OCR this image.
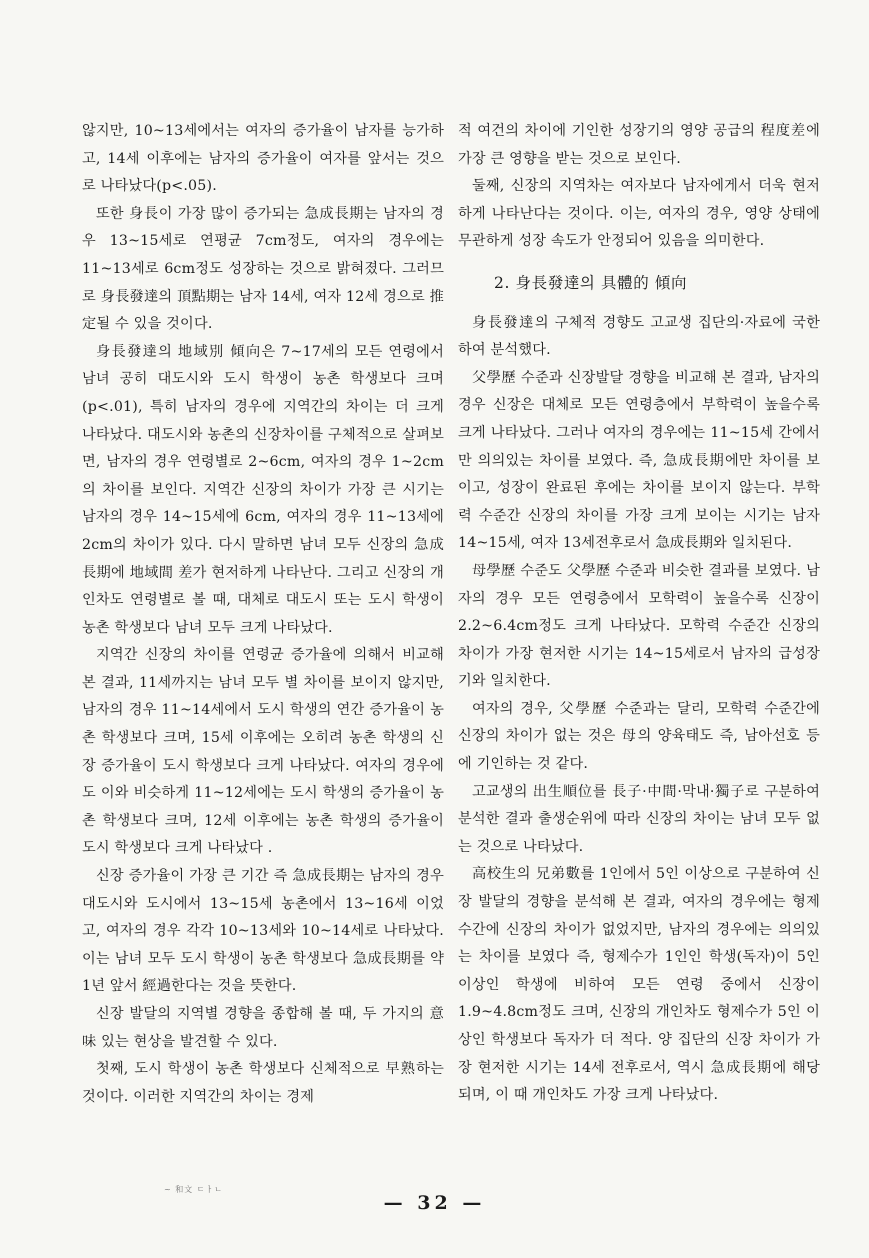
않지만, 10~13세에서는 여자의 증가율이 남자를 능가하고, 14세 이후에는 남자의 증가율이 여자를 앞서는 것으로 나타났다(p<.05).

또한 身長이 가장 많이 증가되는 急成長期는 남자의 경우 13~15세로 연평균 7cm정도, 여자의 경우에는 11~13세로 6cm정도 성장하는 것으로 밝혀졌다. 그러므로 身長發達의 頂點期는 남자 14세, 여자 12세 경으로 推定될 수 있을 것이다.

身長發達의 地域別 傾向은 7~17세의 모든 연령에서 남녀 공히 대도시와 도시 학생이 농촌 학생보다 크며(p<.01), 특히 남자의 경우에 지역간의 차이는 더 크게 나타났다. 대도시와 농촌의 신장차이를 구체적으로 살펴보면, 남자의 경우 연령별로 2~6cm, 여자의 경우 1~2cm의 차이를 보인다. 지역간 신장의 차이가 가장 큰 시기는 남자의 경우 14~15세에 6cm, 여자의 경우 11~13세에 2cm의 차이가 있다. 다시 말하면 남녀 모두 신장의 急成長期에 地域間 差가 현저하게 나타난다. 그리고 신장의 개인차도 연령별로 볼 때, 대체로 대도시 또는 도시 학생이 농촌 학생보다 남녀 모두 크게 나타났다.

지역간 신장의 차이를 연령균 증가율에 의해서 비교해 본 결과, 11세까지는 남녀 모두 별 차이를 보이지 않지만, 남자의 경우 11~14세에서 도시 학생의 연간 증가율이 농촌 학생보다 크며, 15세 이후에는 오히려 농촌 학생의 신장 증가율이 도시 학생보다 크게 나타났다. 여자의 경우에도 이와 비슷하게 11~12세에는 도시 학생의 증가율이 농촌 학생보다 크며, 12세 이후에는 농촌 학생의 증가율이 도시 학생보다 크게 나타났다 .

신장 증가율이 가장 큰 기간 즉 急成長期는 남자의 경우 대도시와 도시에서 13~15세 농촌에서 13~16세 이었고, 여자의 경우 각각 10~13세와 10~14세로 나타났다. 이는 남녀 모두 도시 학생이 농촌 학생보다 急成長期를 약 1년 앞서 經過한다는 것을 뜻한다.

신장 발달의 지역별 경향을 종합해 볼 때, 두 가지의 意味 있는 현상을 발견할 수 있다.

첫째, 도시 학생이 농촌 학생보다 신체적으로 早熟하는 것이다. 이러한 지역간의 차이는 경제

적 여건의 차이에 기인한 성장기의 영양 공급의 程度差에 가장 큰 영향을 받는 것으로 보인다.

둘째, 신장의 지역차는 여자보다 남자에게서 더욱 현저하게 나타난다는 것이다. 이는, 여자의 경우, 영양 상태에 무관하게 성장 속도가 안정되어 있음을 의미한다.

2. 身長發達의 具體的 傾向

身長發達의 구체적 경향도 고교생 집단의·자료에 국한하여 분석했다.

父學歷 수준과 신장발달 경향을 비교해 본 결과, 남자의 경우 신장은 대체로 모든 연령층에서 부학력이 높을수록 크게 나타났다. 그러나 여자의 경우에는 11~15세 간에서만 의의있는 차이를 보였다. 즉, 急成長期에만 차이를 보이고, 성장이 완료된 후에는 차이를 보이지 않는다. 부학력 수준간 신장의 차이를 가장 크게 보이는 시기는 남자 14~15세, 여자 13세전후로서 急成長期와 일치된다.

母學歷 수준도 父學歷 수준과 비슷한 결과를 보였다. 남자의 경우 모든 연령층에서 모학력이 높을수록 신장이 2.2~6.4cm정도 크게 나타났다. 모학력 수준간 신장의 차이가 가장 현저한 시기는 14~15세로서 남자의 급성장기와 일치한다.

여자의 경우, 父學歷 수준과는 달리, 모학력 수준간에 신장의 차이가 없는 것은 母의 양육태도 즉, 남아선호 등에 기인하는 것 같다.

고교생의 出生順位를 長子·中間·막내·獨子로 구분하여 분석한 결과 출생순위에 따라 신장의 차이는 남녀 모두 없는 것으로 나타났다.

高校生의 兄弟數를 1인에서 5인 이상으로 구분하여 신장 발달의 경향을 분석해 본 결과, 여자의 경우에는 형제수간에 신장의 차이가 없었지만, 남자의 경우에는 의의있는 차이를 보였다 즉, 형제수가 1인인 학생(독자)이 5인 이상인 학생에 비하여 모든 연령 중에서 신장이 1.9~4.8cm정도 크며, 신장의 개인차도 형제수가 5인 이상인 학생보다 독자가 더 적다. 양 집단의 신장 차이가 가장 현저한 시기는 14세 전후로서, 역시 急成長期에 해당되며, 이 때 개인차도 가장 크게 나타났다.

~ 和文 ㄷㅏㄴ
— 32 —
